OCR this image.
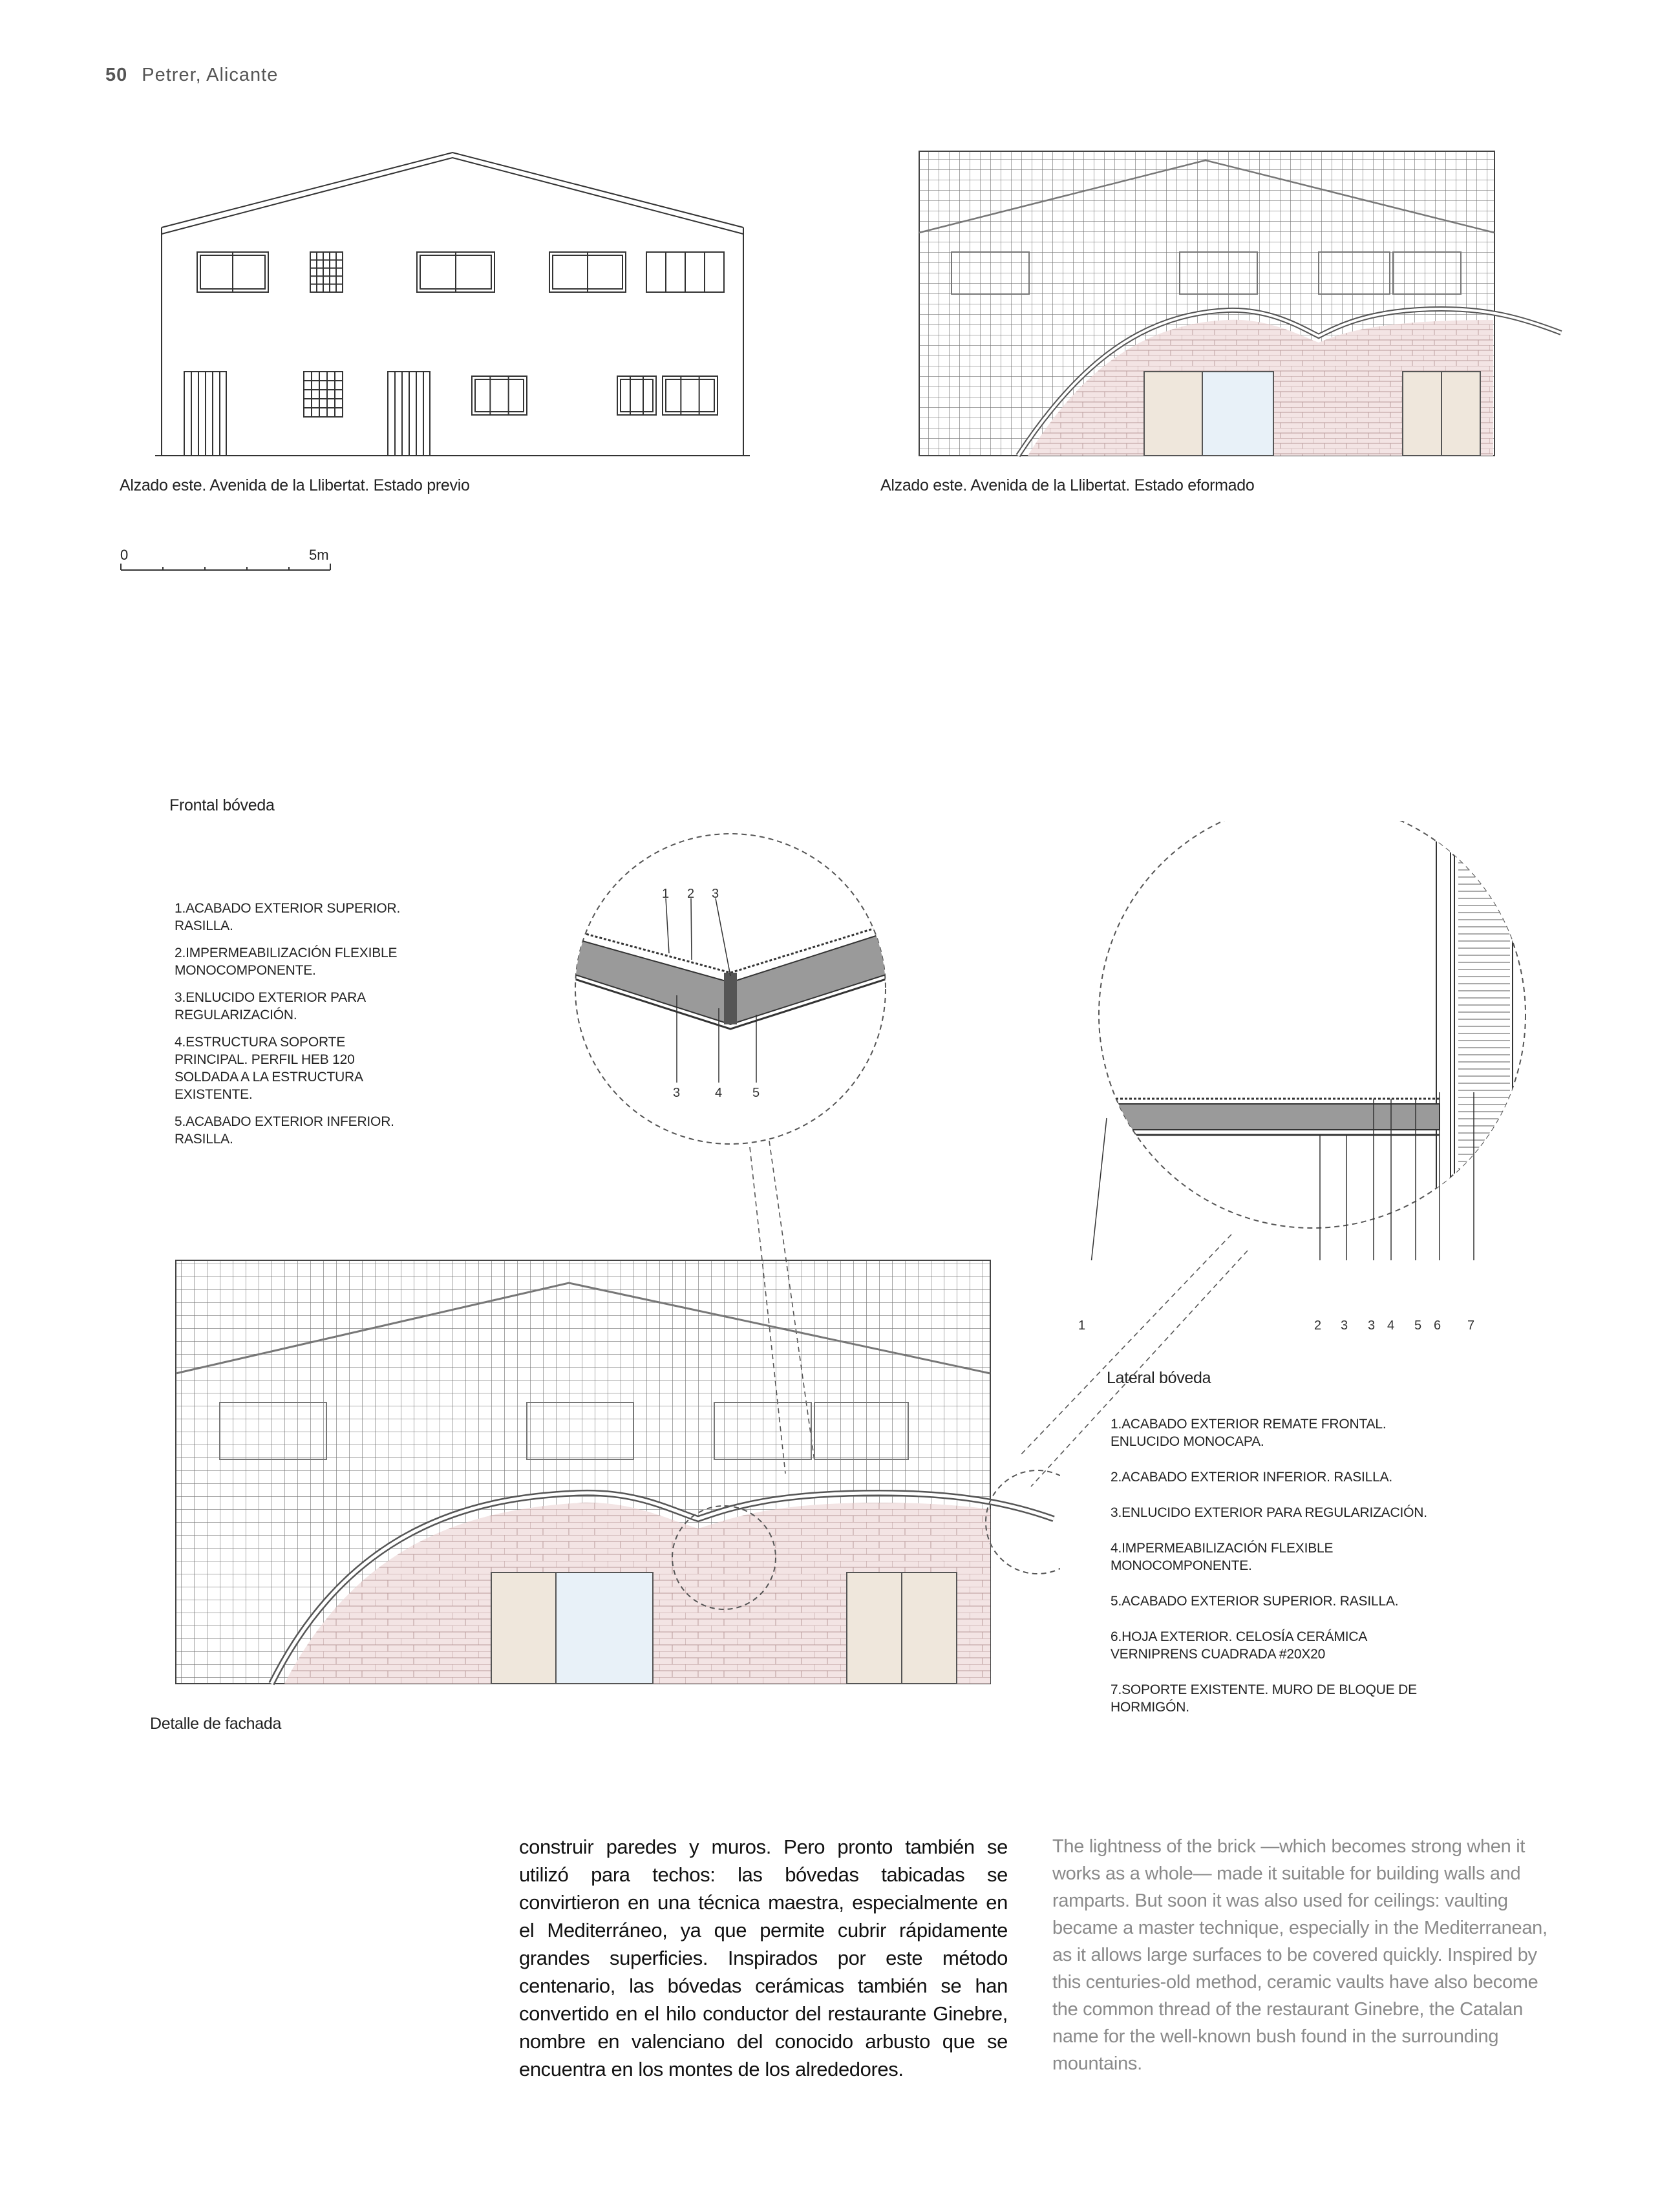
50 Petrer, Alicante
Alzado este. Avenida de la Llibertat. Estado previo	Alzado este. Avenida de la Llibertat. Estado eformado
0	5m
Frontal bóveda

1.ACABADO EXTERIOR SUPERIOR. RASILLA.

2.IMPERMEABILIZACIÓN FLEXIBLE MONOCOMPONENTE.

3.ENLUCIDO EXTERIOR PARA REGULARIZACIÓN.

4.ESTRUCTURA SOPORTE PRINCIPAL. PERFIL HEB 120 SOLDADA A LA ESTRUCTURA EXISTENTE.

5.ACABADO EXTERIOR INFERIOR. RASILLA.

1 2 3
3	4 5
1	2 3 3 4 5 6 7
Detalle de fachada
Lateral bóveda

1.ACABADO EXTERIOR REMATE FRONTAL. ENLUCIDO MONOCAPA.

2.ACABADO EXTERIOR INFERIOR. RASILLA.

3.ENLUCIDO EXTERIOR PARA REGULARIZACIÓN.

4.IMPERMEABILIZACIÓN FLEXIBLE MONOCOMPONENTE.

5.ACABADO EXTERIOR SUPERIOR. RASILLA.

6.HOJA EXTERIOR. CELOSÍA CERÁMICA VERNIPRENS CUADRADA #20X20

7.SOPORTE EXISTENTE. MURO DE BLOQUE DE HORMIGÓN.

construir paredes y muros. Pero pronto también se utilizó para techos: las bóvedas tabicadas se convirtieron en una técnica maestra, especialmente en el Mediterráneo, ya que permite cubrir rápidamente grandes superficies. Inspirados por este método centenario, las bóvedas cerámicas también se han convertido en el hilo conductor del restaurante Ginebre, nombre en valenciano del conocido arbusto que se encuentra en los montes de los alrededores.
The lightness of the brick —which becomes strong when it works as a whole— made it suitable for building walls and ramparts. But soon it was also used for ceilings: vaulting became a master technique, especially in the Mediterranean, as it allows large surfaces to be covered quickly. Inspired by this centuries-old method, ceramic vaults have also become the common thread of the restaurant Ginebre, the Catalan name for the well-known bush found in the surrounding mountains.
